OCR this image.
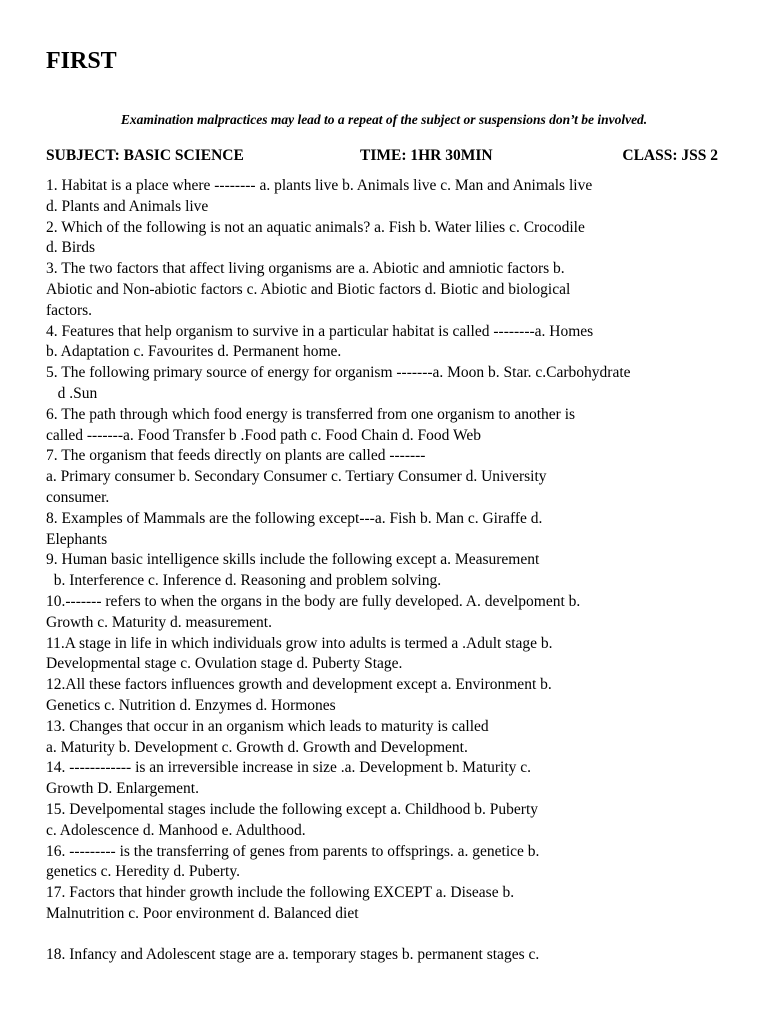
FIRST
Examination malpractices may lead to a repeat of the subject or suspensions don’t be involved.
SUBJECT: BASIC SCIENCE	TIME: 1HR 30MIN	CLASS: JSS 2
1. Habitat is a place where -------- a. plants live b. Animals live c. Man and Animals live
d. Plants and Animals live
2. Which of the following is not an aquatic animals? a. Fish b. Water lilies c. Crocodile
d. Birds
3. The two factors that affect living organisms are a. Abiotic and amniotic factors b.
Abiotic and Non-abiotic factors c. Abiotic and Biotic factors d. Biotic and biological
factors.
4. Features that help organism to survive in a particular habitat is called --------a. Homes
b. Adaptation c. Favourites d. Permanent home.
5. The following primary source of energy for organism -------a. Moon b. Star. c.Carbohydrate
d .Sun
6. The path through which food energy is transferred from one organism to another is
called -------a. Food Transfer b .Food path c. Food Chain d. Food Web
7. The organism that feeds directly on plants are called -------
a. Primary consumer b. Secondary Consumer c. Tertiary Consumer d. University
consumer.
8. Examples of Mammals are the following except---a. Fish b. Man c. Giraffe d.
Elephants
9. Human basic intelligence skills include the following except a. Measurement
b. Interference c. Inference d. Reasoning and problem solving.
10.------- refers to when the organs in the body are fully developed. A. develpoment b.
Growth c. Maturity d. measurement.
11.A stage in life in which individuals grow into adults is termed a .Adult stage b.
Developmental stage c. Ovulation stage d. Puberty Stage.
12.All these factors influences growth and development except a. Environment b.
Genetics c. Nutrition d. Enzymes d. Hormones
13. Changes that occur in an organism which leads to maturity is called
a. Maturity b. Development c. Growth d. Growth and Development.
14. ------------ is an irreversible increase in size .a. Development b. Maturity c.
Growth D. Enlargement.
15. Develpomental stages include the following except a. Childhood b. Puberty
c. Adolescence d. Manhood e. Adulthood.
16. --------- is the transferring of genes from parents to offsprings. a. genetice b.
genetics c. Heredity d. Puberty.
17. Factors that hinder growth include the following EXCEPT a. Disease b.
Malnutrition c. Poor environment d. Balanced diet
18. Infancy and Adolescent stage are a. temporary stages b. permanent stages c.
